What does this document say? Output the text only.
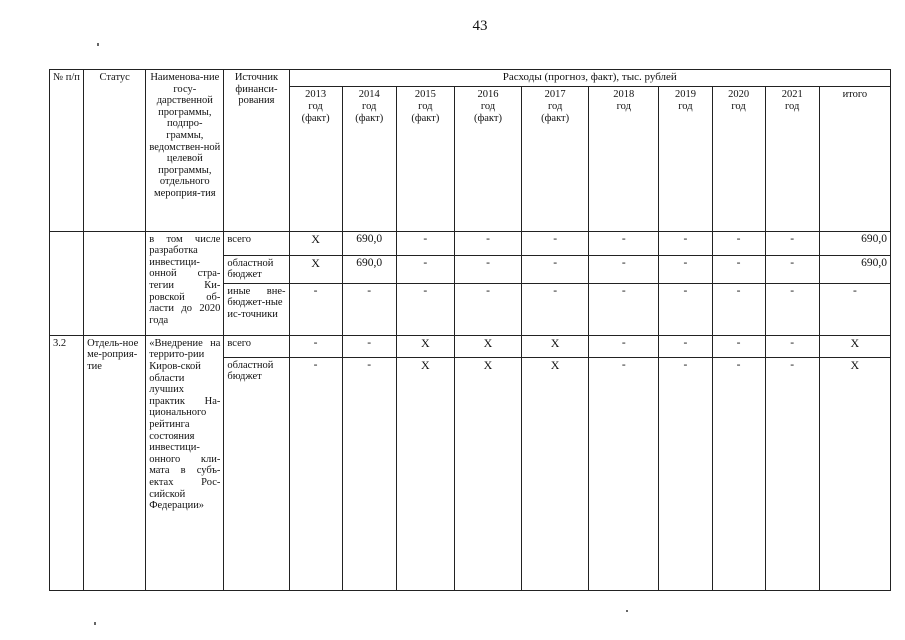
43
№ п/п	Статус	Наименова-ние госу-дарственной программы, подпро-граммы, ведомствен-ной целевой программы, отдельного мероприя-тия	Источник финанси-рования	Расходы (прогноз, факт), тыс. рублей									
				2013
год
(факт)	2014
год
(факт)	2015
год
(факт)	2016
год
(факт)	2017
год
(факт)	2018
год	2019
год	2020
год	2021
год	итого
		в том числе разработка инвестици-онной стра-тегии Ки-ровской об-ласти до 2020 года	всего	Х	690,0	-	-	-	-	-	-	-	690,0
			областной бюджет	Х	690,0	-	-	-	-	-	-	-	690,0
			иные вне-бюджет-ные ис-точники	-	-	-	-	-	-	-	-	-	-
3.2	Отдель-ное ме-роприя-тие	«Внедрение на террито-рии Киров-ской области лучших практик На-ционального рейтинга состояния инвестици-онного кли-мата в субъ-ектах Рос-сийской Федерации»	всего	-	-	Х	Х	Х	-	-	-	-	Х
			областной бюджет	-	-	Х	Х	Х	-	-	-	-	Х
